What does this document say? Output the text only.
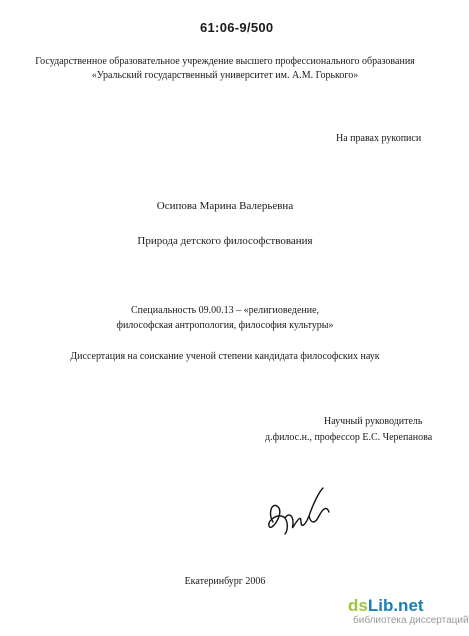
61:06-9/500
Государственное образовательное учреждение высшего профессионального образования
«Уральский государственный университет им. А.М. Горького»
На правах рукописи
Осипова Марина Валерьевна
Природа детского философствования
Специальность 09.00.13 – «религиоведение,
философская антропология, философия культуры»
Диссертация на соискание ученой степени кандидата философских наук
Научный руководитель
д.филос.н., профессор Е.С. Черепанова
Екатеринбург 2006
dsLib.net
библиотека диссертаций
